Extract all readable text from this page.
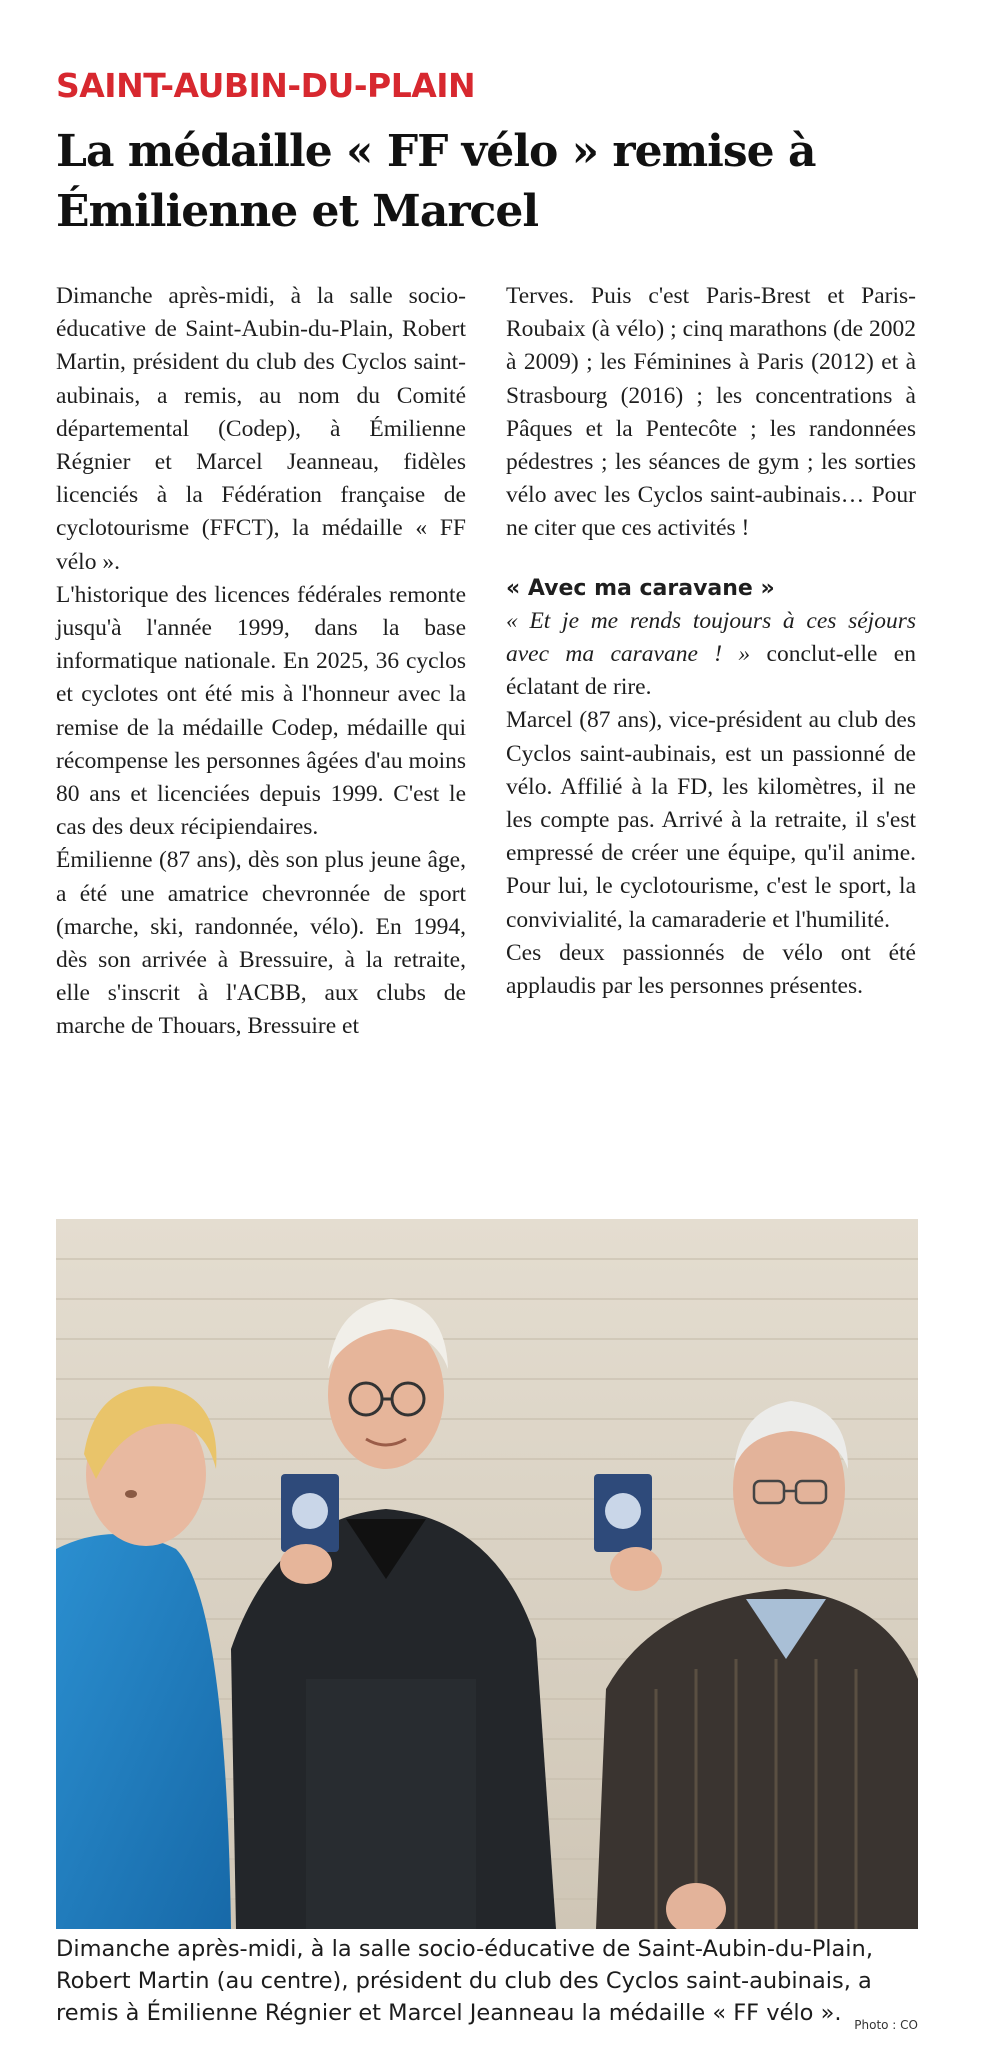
SAINT-AUBIN-DU-PLAIN
La médaille « FF vélo » remise à Émilienne et Marcel

Dimanche après-midi, à la salle socio-éducative de Saint-Aubin-du-Plain, Robert Martin, président du club des Cyclos saint-aubinais, a remis, au nom du Comité départemental (Codep), à Émilienne Régnier et Marcel Jeanneau, fidèles licenciés à la Fédération française de cyclotourisme (FFCT), la médaille « FF vélo ».

L'historique des licences fédérales remonte jusqu'à l'année 1999, dans la base informatique nationale. En 2025, 36 cyclos et cyclotes ont été mis à l'honneur avec la remise de la médaille Codep, médaille qui récompense les personnes âgées d'au moins 80 ans et licenciées depuis 1999. C'est le cas des deux récipiendaires.

Émilienne (87 ans), dès son plus jeune âge, a été une amatrice chevronnée de sport (marche, ski, randonnée, vélo). En 1994, dès son arrivée à Bressuire, à la retraite, elle s'inscrit à l'ACBB, aux clubs de marche de Thouars, Bressuire et

Terves. Puis c'est Paris-Brest et Paris-Roubaix (à vélo) ; cinq marathons (de 2002 à 2009) ; les Féminines à Paris (2012) et à Strasbourg (2016) ; les concentrations à Pâques et la Pentecôte ; les randonnées pédestres ; les séances de gym ; les sorties vélo avec les Cyclos saint-aubinais… Pour ne citer que ces activités !

« Avec ma caravane »

« Et je me rends toujours à ces séjours avec ma caravane ! » conclut-elle en éclatant de rire.

Marcel (87 ans), vice-président au club des Cyclos saint-aubinais, est un passionné de vélo. Affilié à la FD, les kilomètres, il ne les compte pas. Arrivé à la retraite, il s'est empressé de créer une équipe, qu'il anime. Pour lui, le cyclotourisme, c'est le sport, la convivialité, la camaraderie et l'humilité.

Ces deux passionnés de vélo ont été applaudis par les personnes présentes.

Dimanche après-midi, à la salle socio-éducative de Saint-Aubin-du-Plain, Robert Martin (au centre), président du club des Cyclos saint-aubinais, a remis à Émilienne Régnier et Marcel Jeanneau la médaille « FF vélo ».	Photo : CO
